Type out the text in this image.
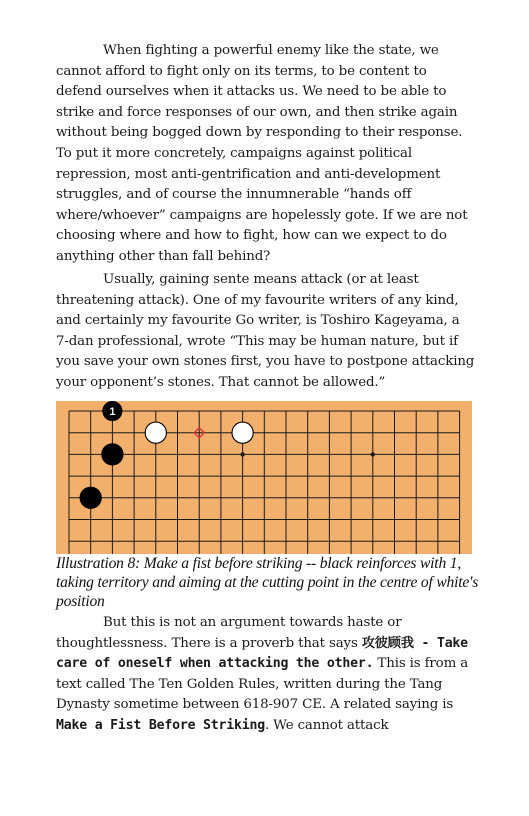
When fighting a powerful enemy like the state, we cannot afford to fight only on its terms, to be content to defend ourselves when it attacks us. We need to be able to strike and force responses of our own, and then strike again without being bogged down by responding to their response. To put it more concretely, campaigns against political repression, most anti-gentrification and anti-development struggles, and of course the innumnerable “hands off where/whoever” campaigns are hopelessly gote. If we are not choosing where and how to fight, how can we expect to do anything other than fall behind?

Usually, gaining sente means attack (or at least threatening attack). One of my favourite writers of any kind, and certainly my favourite Go writer, is Toshiro Kageyama, a 7-dan professional, wrote “This may be human nature, but if you save your own stones first, you have to postpone attacking your opponent’s stones. That cannot be allowed.”

1

Illustration 8: Make a fist before striking -- black reinforces with 1, taking territory and aiming at the cutting point in the centre of white's position

But this is not an argument towards haste or thoughtlessness. There is a proverb that says 攻彼顾我 - Take care of oneself when attacking the other. This is from a text called The Ten Golden Rules, written during the Tang Dynasty sometime between 618-907 CE. A related saying is Make a Fist Before Striking. We cannot attack
